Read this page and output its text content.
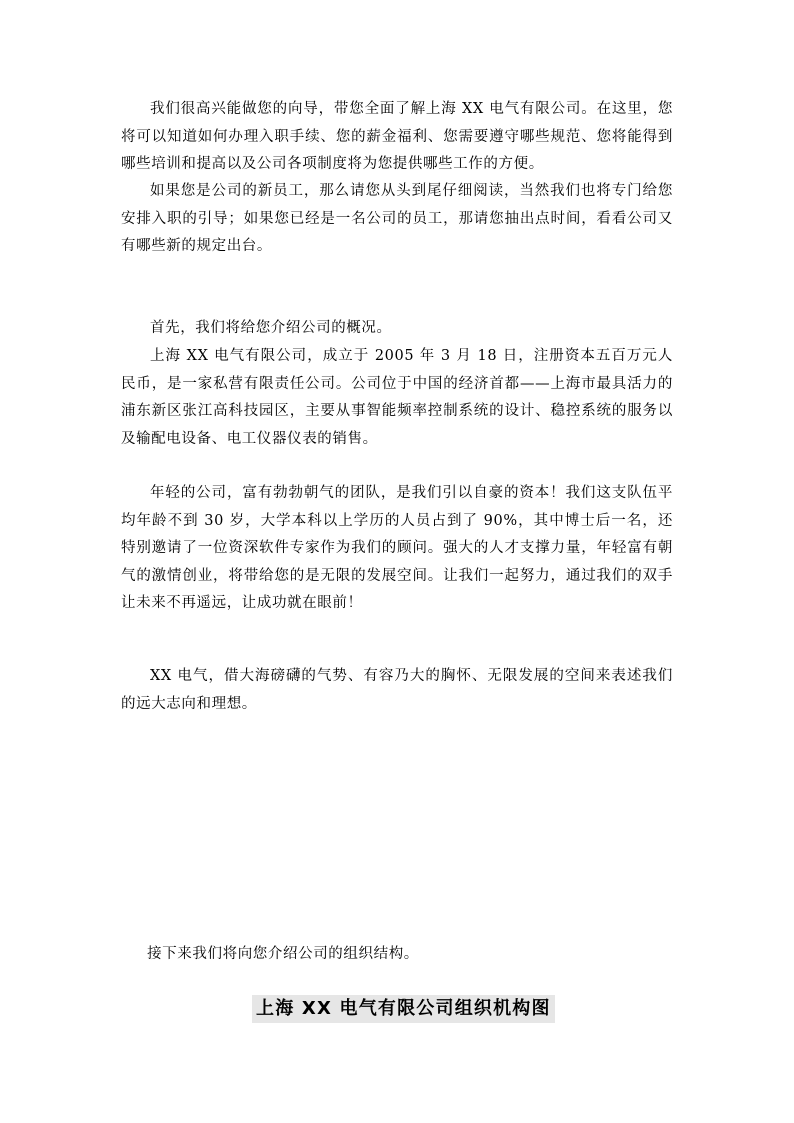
我们很高兴能做您的向导，带您全面了解上海 XX 电气有限公司。在这里，您将可以知道如何办理入职手续、您的薪金福利、您需要遵守哪些规范、您将能得到哪些培训和提高以及公司各项制度将为您提供哪些工作的方便。

如果您是公司的新员工，那么请您从头到尾仔细阅读，当然我们也将专门给您安排入职的引导；如果您已经是一名公司的员工，那请您抽出点时间，看看公司又有哪些新的规定出台。

首先，我们将给您介绍公司的概况。

上海 XX 电气有限公司，成立于 2005 年 3 月 18 日，注册资本五百万元人民币，是一家私营有限责任公司。公司位于中国的经济首都——上海市最具活力的浦东新区张江高科技园区，主要从事智能频率控制系统的设计、稳控系统的服务以及输配电设备、电工仪器仪表的销售。

年轻的公司，富有勃勃朝气的团队，是我们引以自豪的资本！我们这支队伍平均年龄不到 30 岁，大学本科以上学历的人员占到了 90%，其中博士后一名，还特别邀请了一位资深软件专家作为我们的顾问。强大的人才支撑力量，年轻富有朝气的激情创业，将带给您的是无限的发展空间。让我们一起努力，通过我们的双手让未来不再遥远，让成功就在眼前！

XX 电气，借大海磅礴的气势、有容乃大的胸怀、无限发展的空间来表述我们的远大志向和理想。

接下来我们将向您介绍公司的组织结构。

上海 XX 电气有限公司组织机构图
